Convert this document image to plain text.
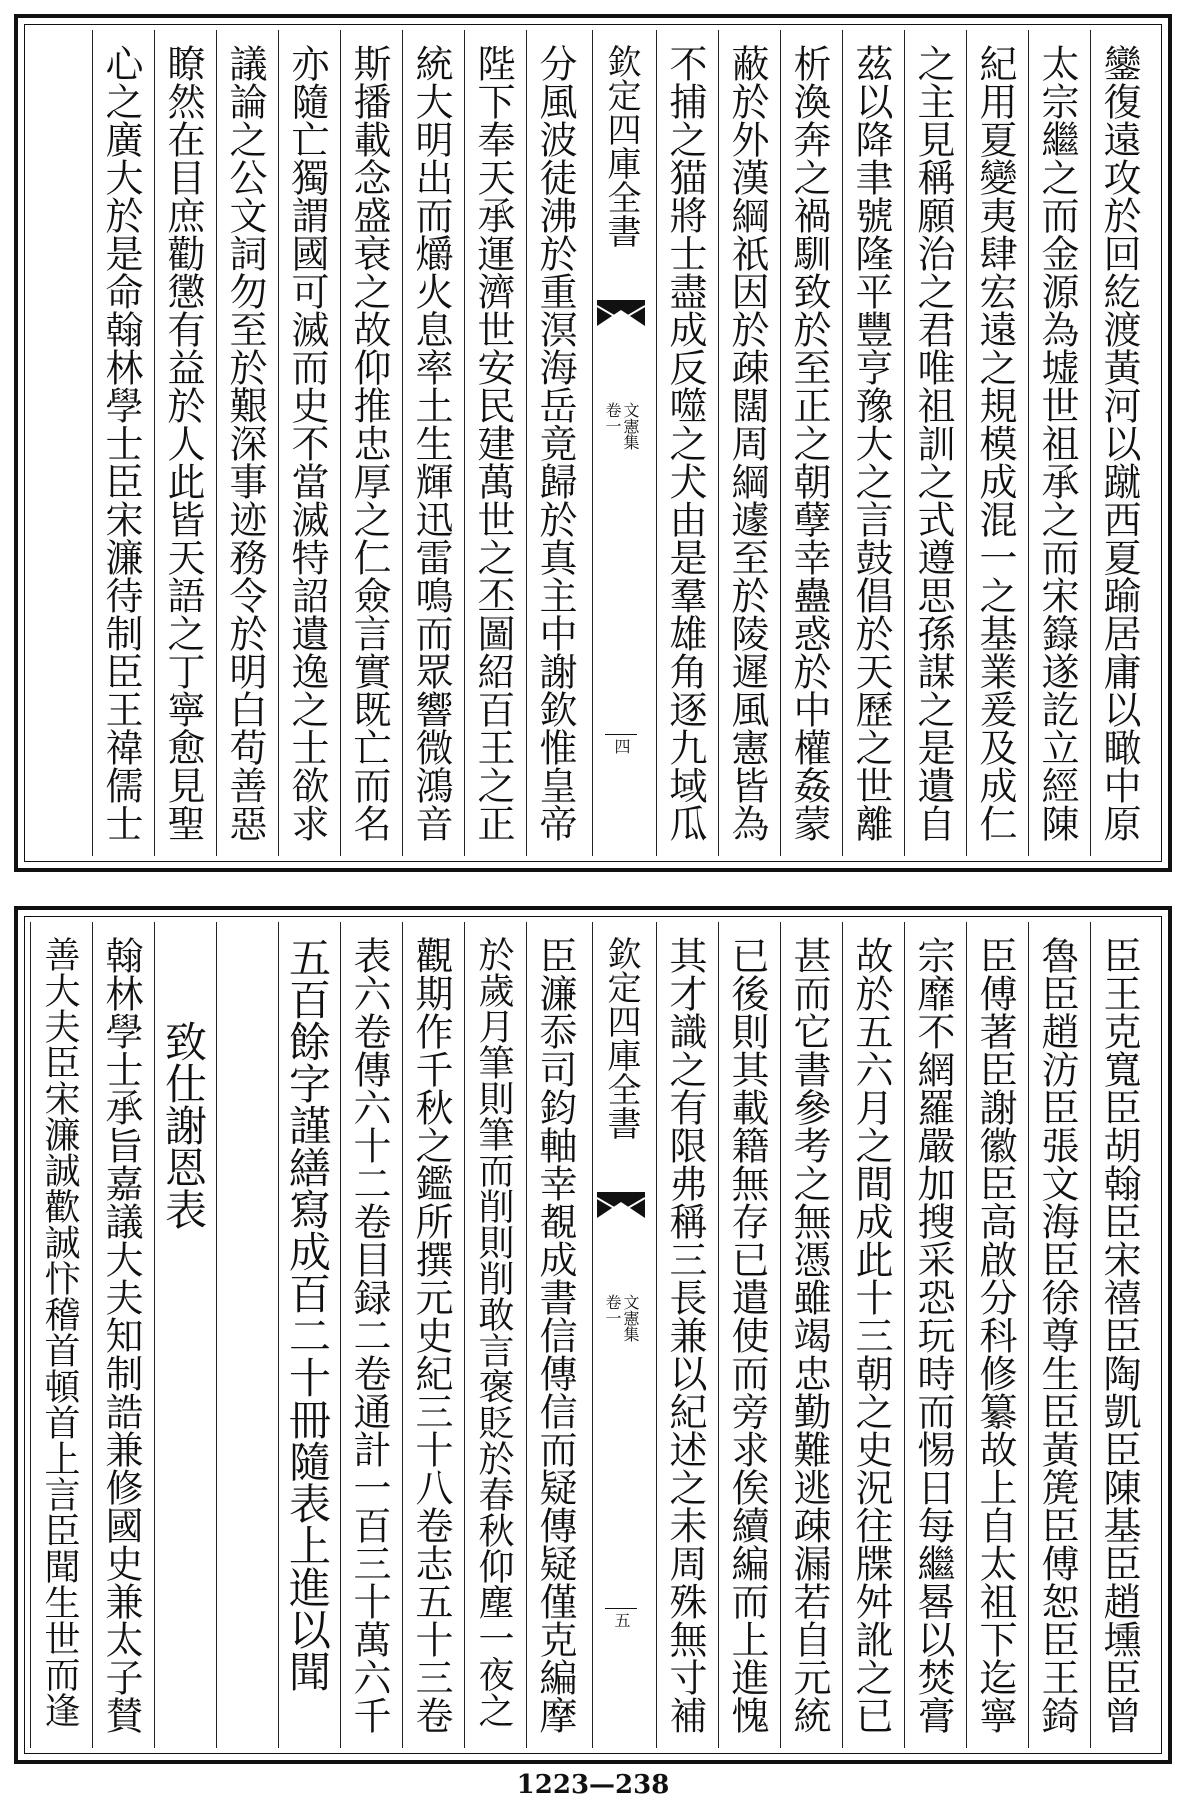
鑾復遠攻於回紇渡黃河以蹴西夏踰居庸以瞰中原
太宗繼之而金源為墟世祖承之而宋籙遂訖立經陳
紀用夏變夷肆宏遠之規模成混一之基業爰及成仁
之主見稱願治之君唯祖訓之式遵思孫謀之是遺自
茲以降聿號隆平豐亨豫大之言鼓倡於天歷之世離
析渙奔之禍馴致於至正之朝孽幸蠱惑於中權姦蒙
蔽於外漢綱祇因於疎闊周綱遽至於陵遲風憲皆為
不捕之猫將士盡成反噬之犬由是羣雄角逐九域瓜
欽定四庫全書
文憲集
卷一
四
分風波徒沸於重溟海岳竟歸於真主中謝欽惟皇帝
陛下奉天承運濟世安民建萬世之丕圖紹百王之正
統大明出而爝火息率土生輝迅雷鳴而眾響微鴻音
斯播載念盛衰之故仰推忠厚之仁僉言實既亡而名
亦隨亡獨謂國可滅而史不當滅特詔遺逸之士欲求
議論之公文詞勿至於艱深事迹務令於明白苟善惡
瞭然在目庶勸懲有益於人此皆天語之丁寧愈見聖
心之廣大於是命翰林學士臣宋濂待制臣王禕儒士
臣王克寬臣胡翰臣宋禧臣陶凱臣陳基臣趙壎臣曾
魯臣趙汸臣張文海臣徐尊生臣黃箎臣傅恕臣王錡
臣傅著臣謝徽臣高啟分科修纂故上自太祖下迄寧
宗靡不網羅嚴加搜采恐玩時而惕日每繼晷以焚膏
故於五六月之間成此十三朝之史況往牒舛訛之已
甚而它書參考之無憑雖竭忠勤難逃疎漏若自元統
已後則其載籍無存已遣使而旁求俟續編而上進愧
其才識之有限弗稱三長兼以紀述之未周殊無寸補
欽定四庫全書
文憲集
卷一
五
臣濂忝司鈞軸幸覩成書信傳信而疑傳疑僅克編摩
於歲月筆則筆而削則削敢言褒貶於春秋仰塵一夜之
觀期作千秋之鑑所撰元史紀三十八卷志五十三卷
表六卷傳六十二卷目録二卷通計一百三十萬六千
五百餘字謹繕寫成百二十冊隨表上進以聞
　　致仕謝恩表
翰林學士承旨嘉議大夫知制誥兼修國史兼太子賛
善大夫臣宋濂誠歡誠忭稽首頓首上言臣聞生世而逢
1223—238
